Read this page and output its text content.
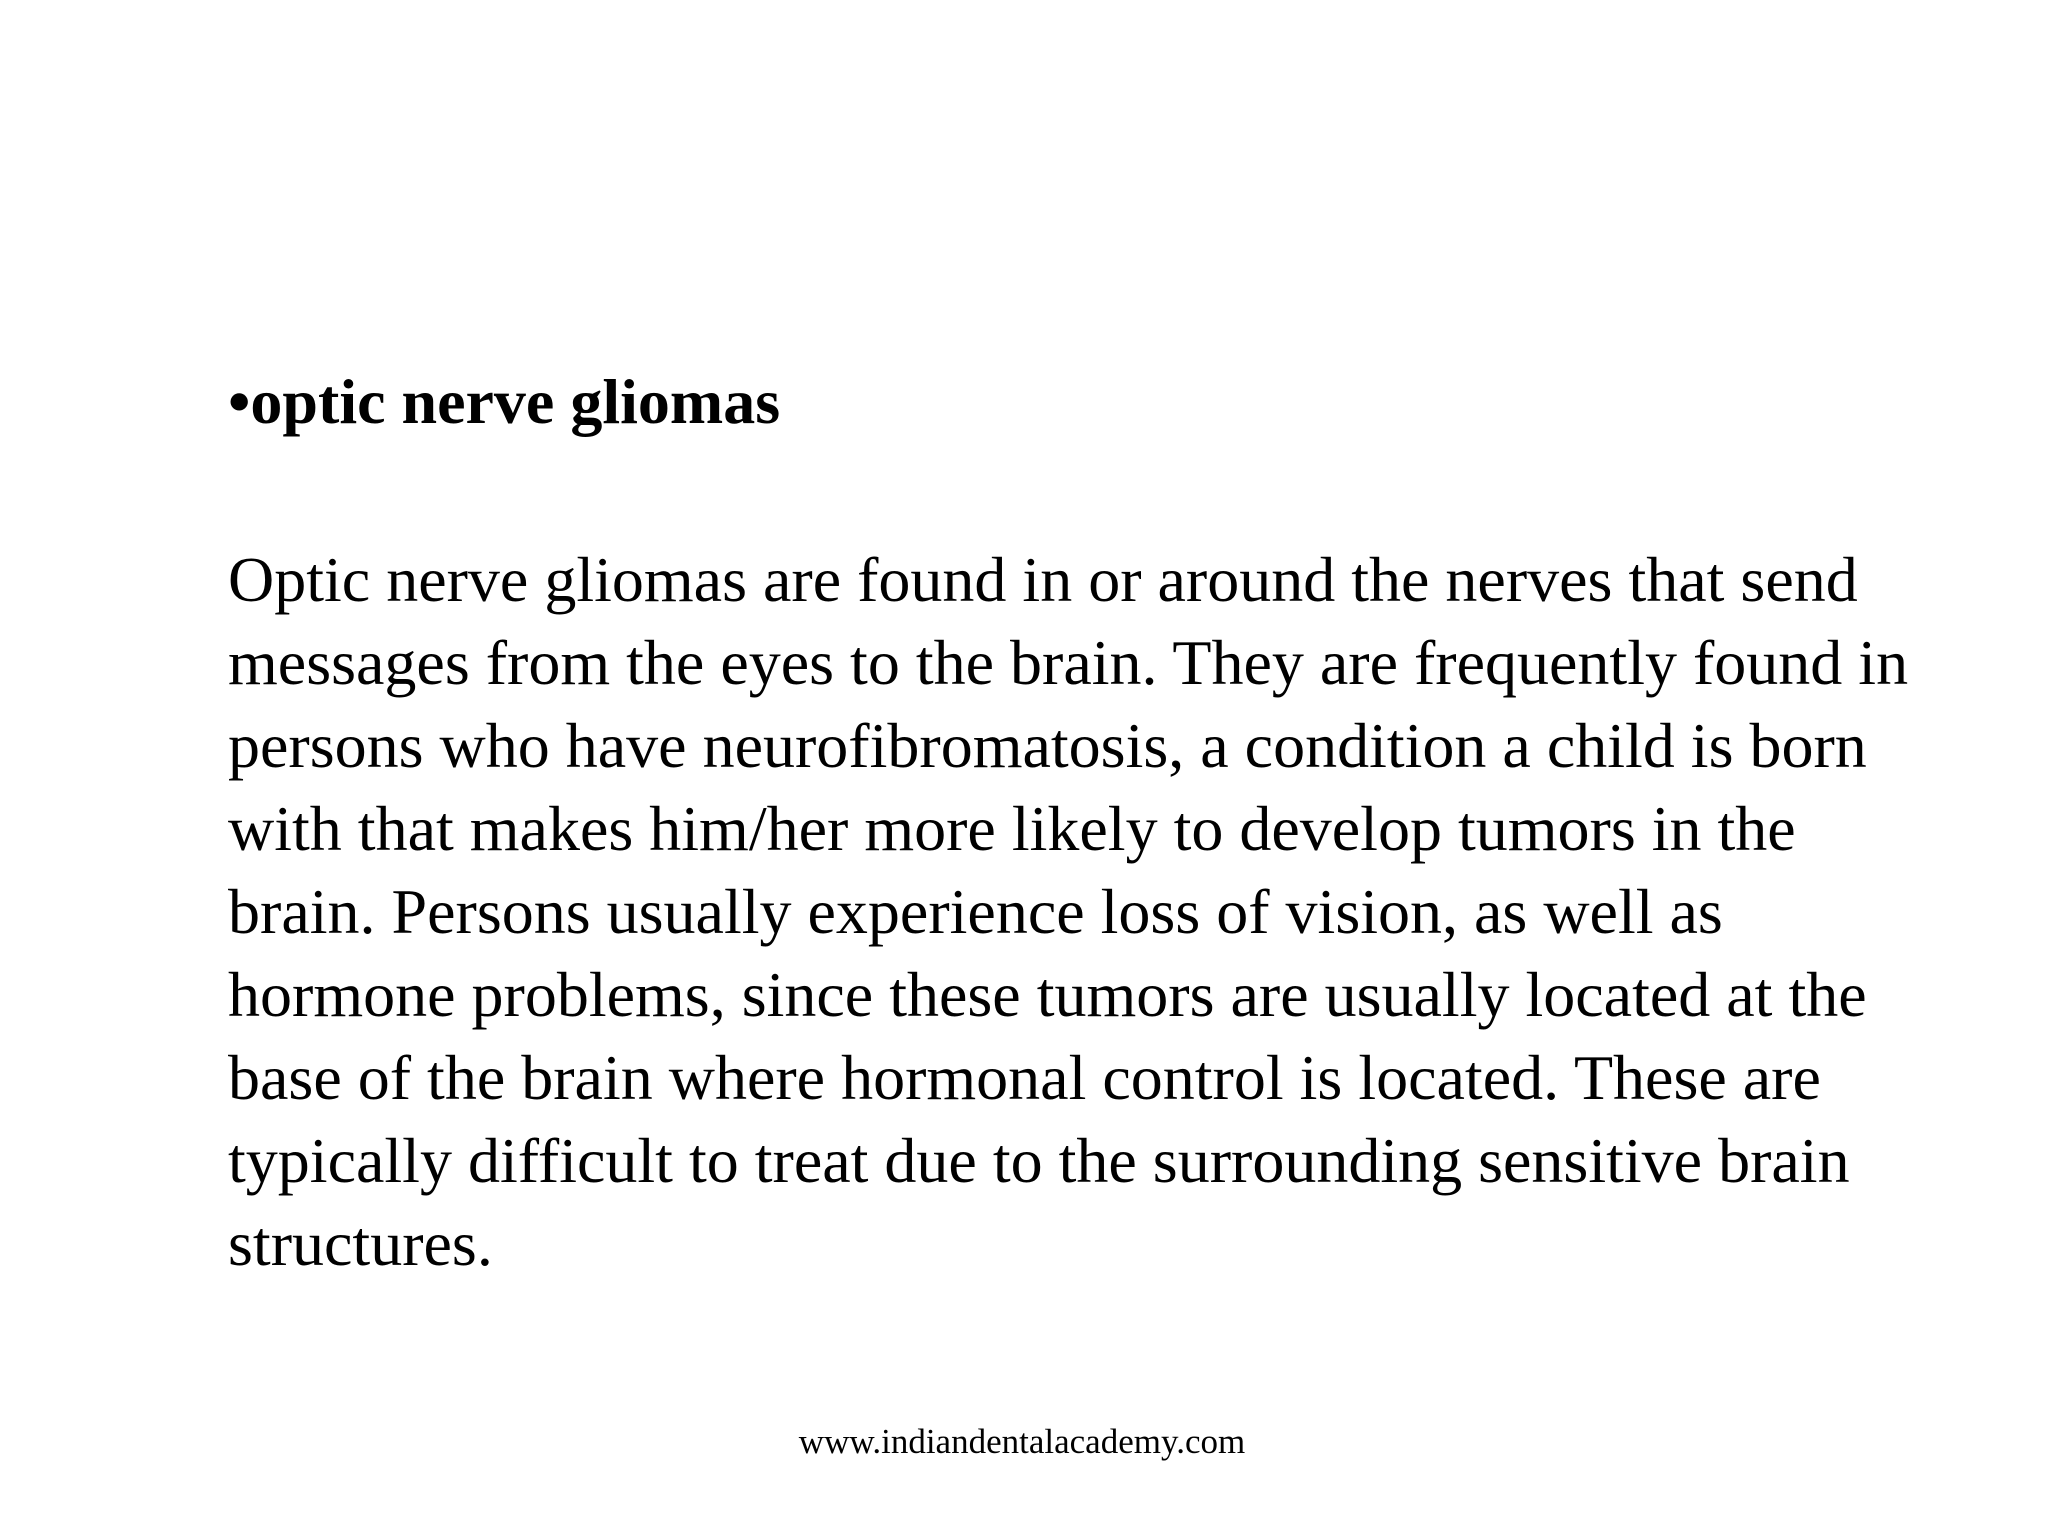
•optic nerve gliomas
Optic nerve gliomas are found in or around the nerves that send
messages from the eyes to the brain. They are frequently found in
persons who have neurofibromatosis, a condition a child is born
with that makes him/her more likely to develop tumors in the
brain. Persons usually experience loss of vision, as well as
hormone problems, since these tumors are usually located at the
base of the brain where hormonal control is located. These are
typically difficult to treat due to the surrounding sensitive brain
structures.
www.indiandentalacademy.com
